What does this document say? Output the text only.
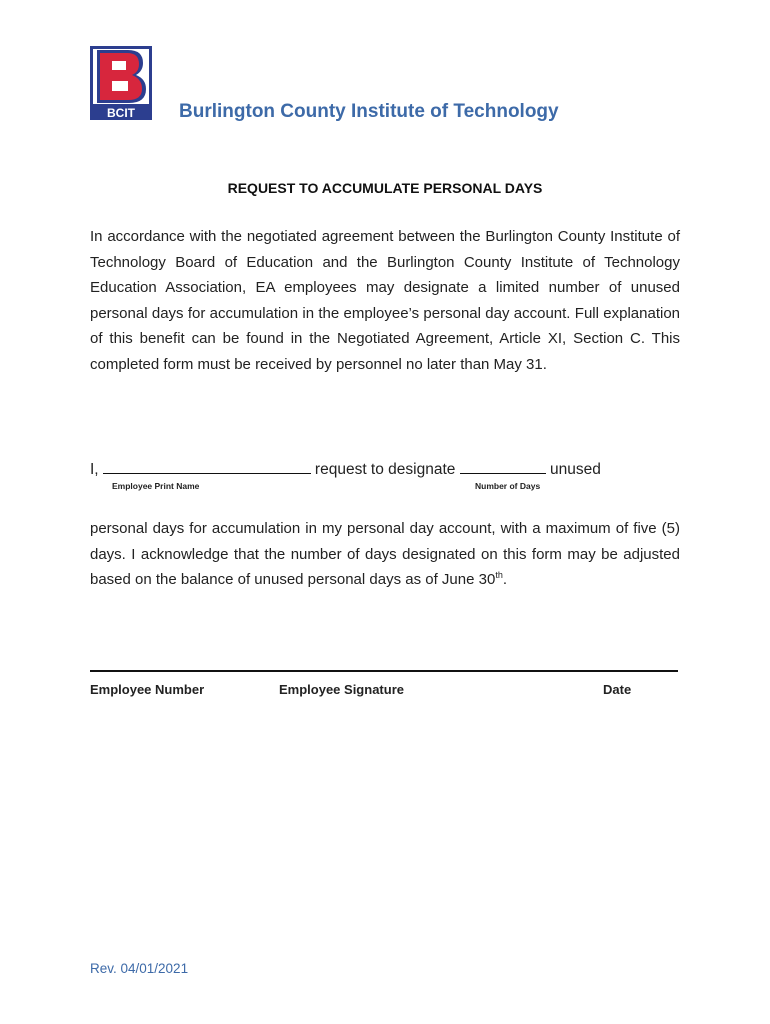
BCIT Burlington County Institute of Technology
REQUEST TO ACCUMULATE PERSONAL DAYS
In accordance with the negotiated agreement between the Burlington County Institute of Technology Board of Education and the Burlington County Institute of Technology Education Association, EA employees may designate a limited number of unused personal days for accumulation in the employee’s personal day account. Full explanation of this benefit can be found in the Negotiated Agreement, Article XI, Section C. This completed form must be received by personnel no later than May 31.
I,	request to designate	unused
Employee Print Name	Number of Days
personal days for accumulation in my personal day account, with a maximum of five (5) days. I acknowledge that the number of days designated on this form may be adjusted based on the balance of unused personal days as of June 30th.
Employee Number	Employee Signature	Date
Rev. 04/01/2021
